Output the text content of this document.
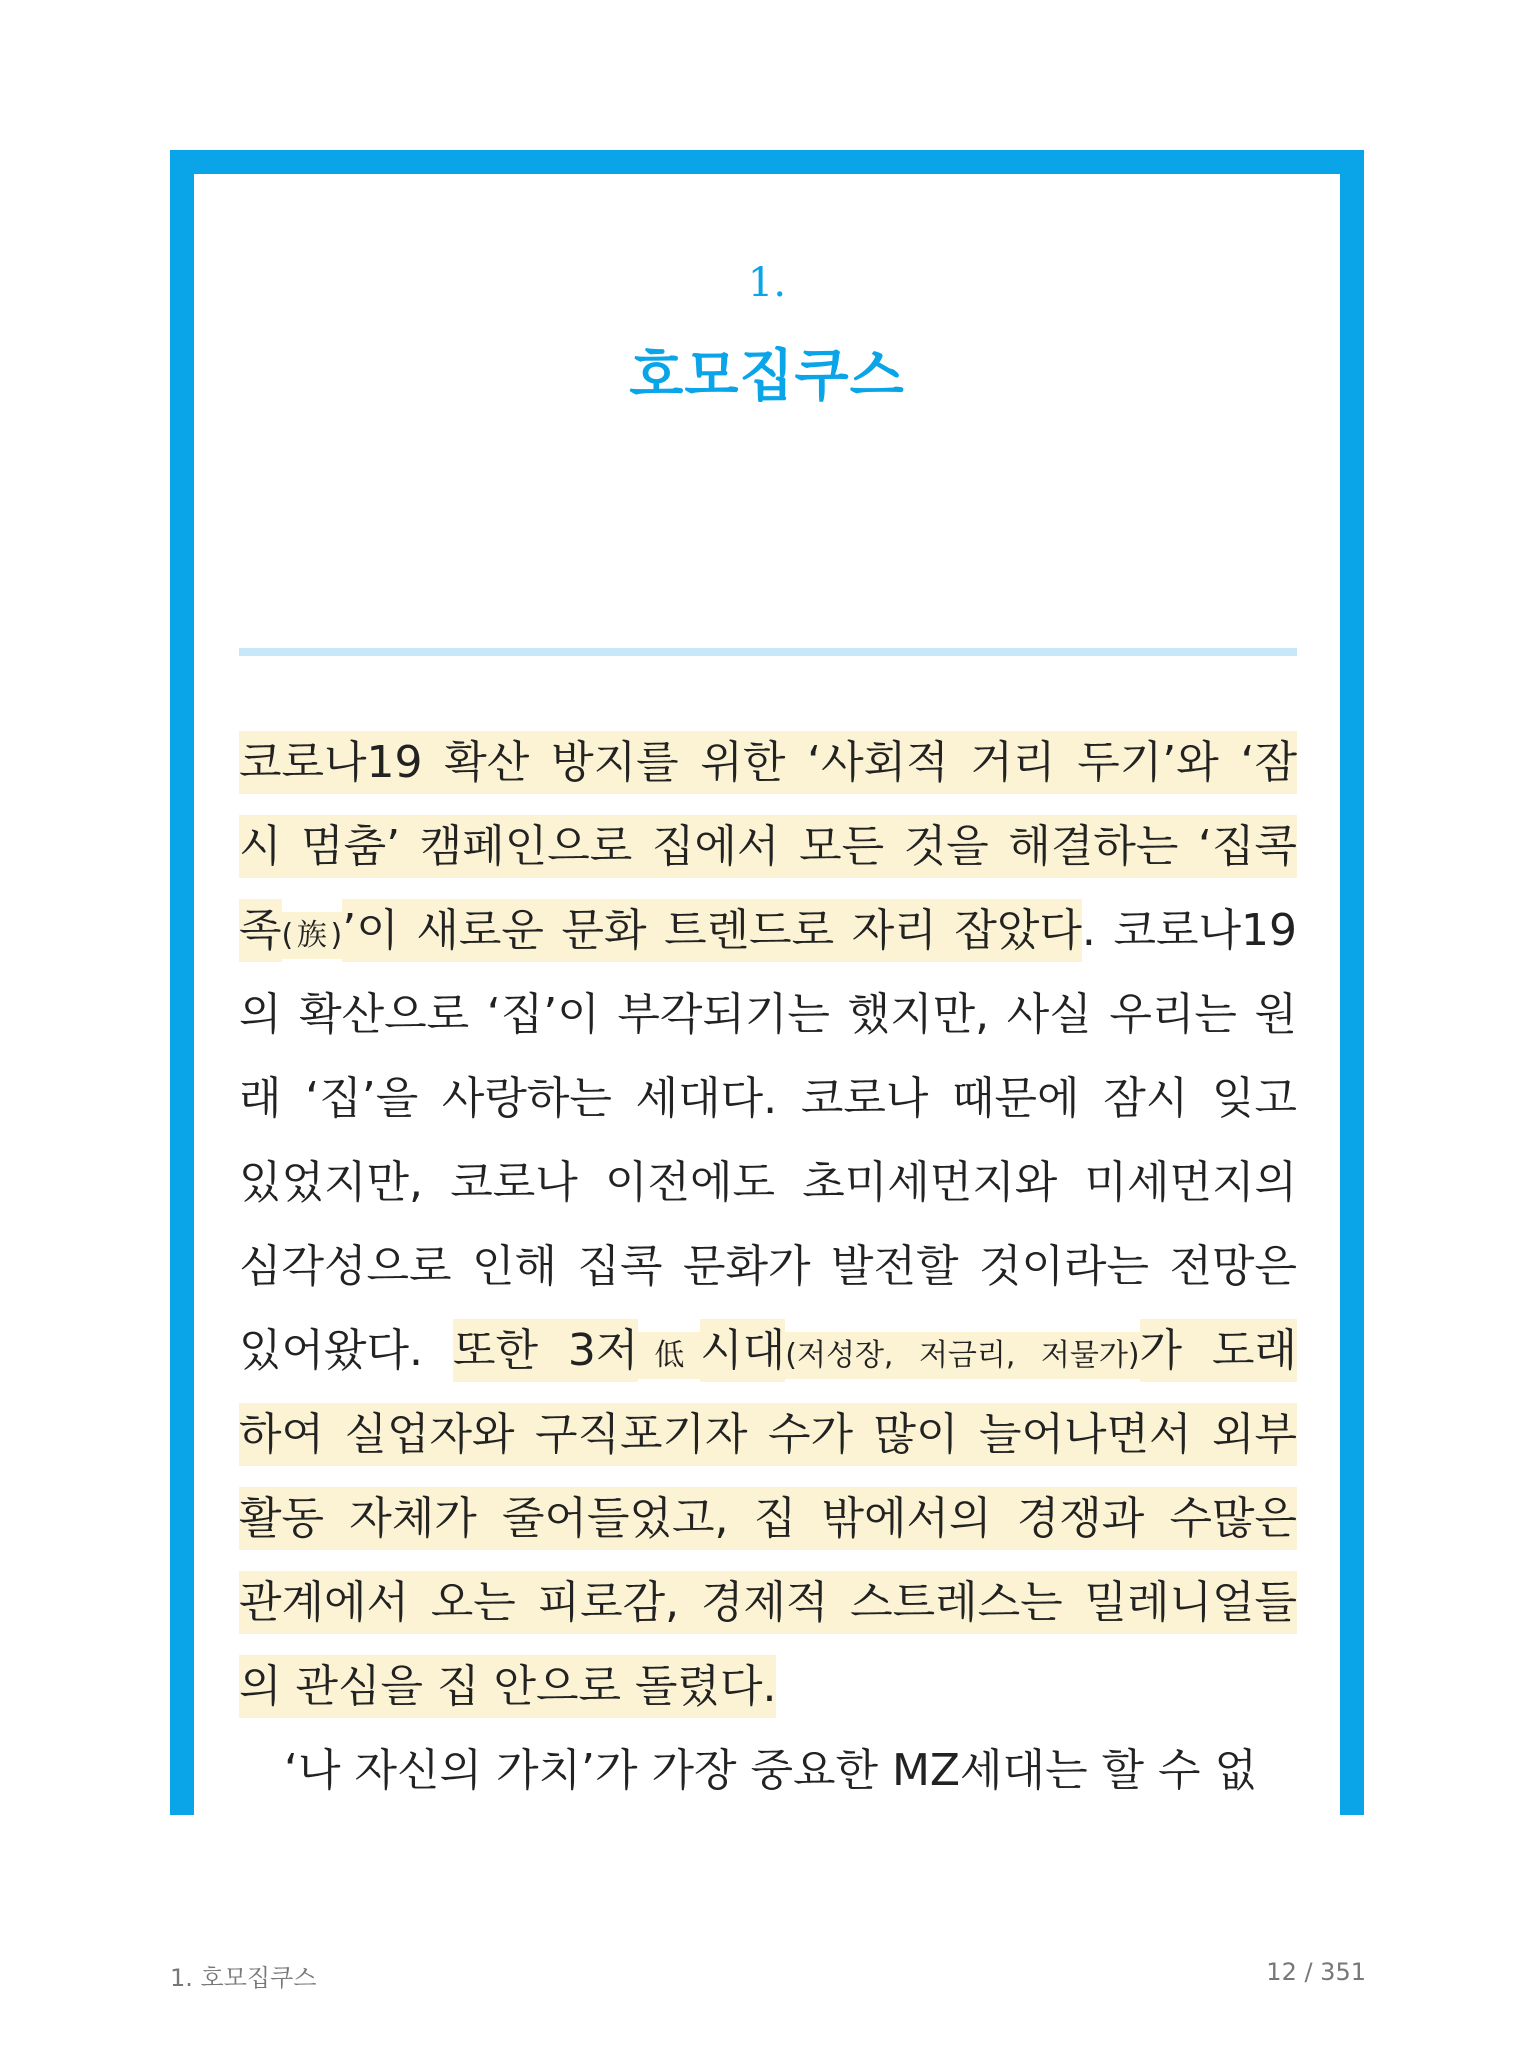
1.
호모집쿠스
코로나19 확산 방지를 위한 ‘사회적 거리 두기’와 ‘잠
시 멈춤’ 캠페인으로 집에서 모든 것을 해결하는 ‘집콕
족(族)’이 새로운 문화 트렌드로 자리 잡았다. 코로나19
의 확산으로 ‘집’이 부각되기는 했지만, 사실 우리는 원
래 ‘집’을 사랑하는 세대다. 코로나 때문에 잠시 잊고
있었지만, 코로나 이전에도 초미세먼지와 미세먼지의
심각성으로 인해 집콕 문화가 발전할 것이라는 전망은
있어왔다. 또한 3저低시대(저성장, 저금리, 저물가)가 도래
하여 실업자와 구직포기자 수가 많이 늘어나면서 외부
활동 자체가 줄어들었고, 집 밖에서의 경쟁과 수많은
관계에서 오는 피로감, 경제적 스트레스는 밀레니얼들
의 관심을 집 안으로 돌렸다.
‘나 자신의 가치’가 가장 중요한 MZ세대는 할 수 없
1. 호모집쿠스	12 / 351
